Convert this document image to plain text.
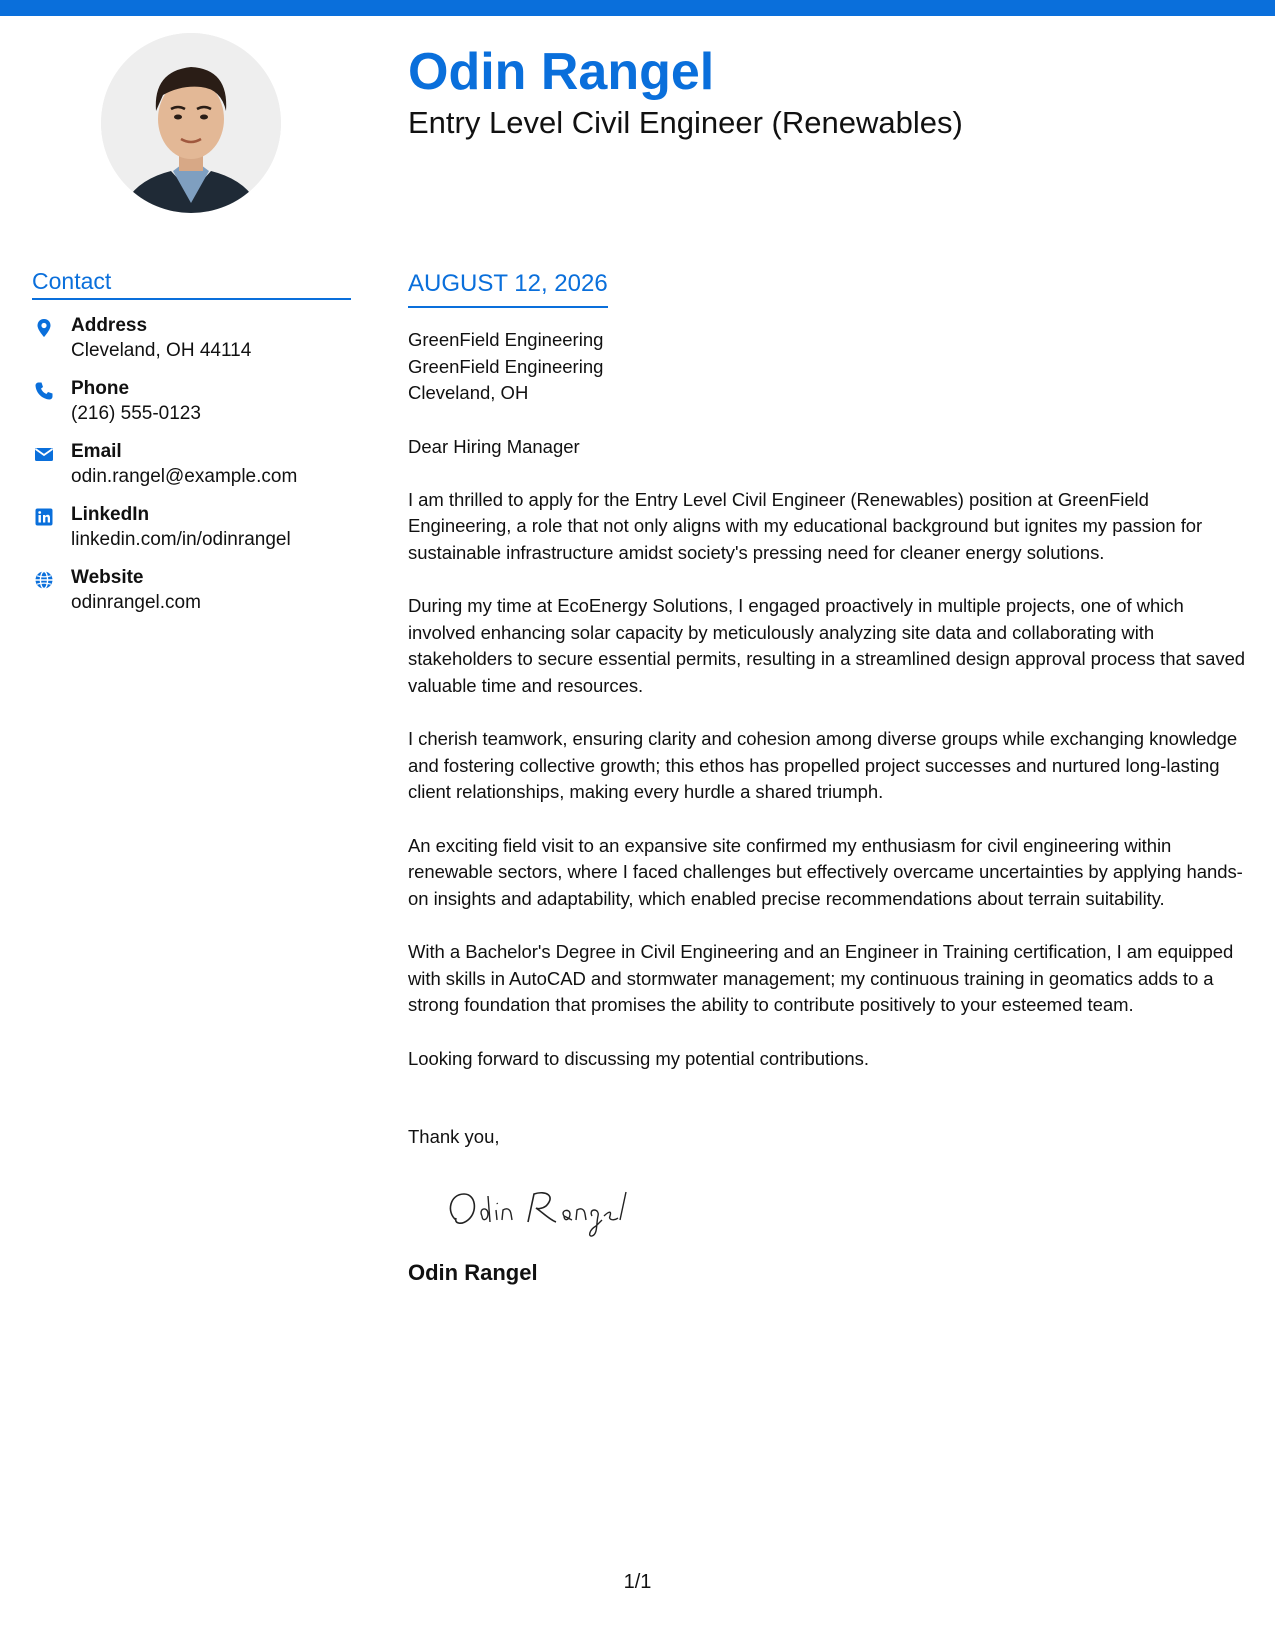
Odin Rangel
Entry Level Civil Engineer (Renewables)
Contact
Address
Cleveland, OH 44114
Phone
(216) 555-0123
Email
odin.rangel@example.com
LinkedIn
linkedin.com/in/odinrangel
Website
odinrangel.com
AUGUST 12, 2026
GreenField Engineering
GreenField Engineering
Cleveland, OH
Dear Hiring Manager
I am thrilled to apply for the Entry Level Civil Engineer (Renewables) position at GreenField Engineering, a role that not only aligns with my educational background but ignites my passion for sustainable infrastructure amidst society's pressing need for cleaner energy solutions.
During my time at EcoEnergy Solutions, I engaged proactively in multiple projects, one of which involved enhancing solar capacity by meticulously analyzing site data and collaborating with stakeholders to secure essential permits, resulting in a streamlined design approval process that saved valuable time and resources.
I cherish teamwork, ensuring clarity and cohesion among diverse groups while exchanging knowledge and fostering collective growth; this ethos has propelled project successes and nurtured long-lasting client relationships, making every hurdle a shared triumph.
An exciting field visit to an expansive site confirmed my enthusiasm for civil engineering within renewable sectors, where I faced challenges but effectively overcame uncertainties by applying hands-on insights and adaptability, which enabled precise recommendations about terrain suitability.
With a Bachelor's Degree in Civil Engineering and an Engineer in Training certification, I am equipped with skills in AutoCAD and stormwater management; my continuous training in geomatics adds to a strong foundation that promises the ability to contribute positively to your esteemed team.
Looking forward to discussing my potential contributions.
Thank you,
Odin Rangel
1/1
